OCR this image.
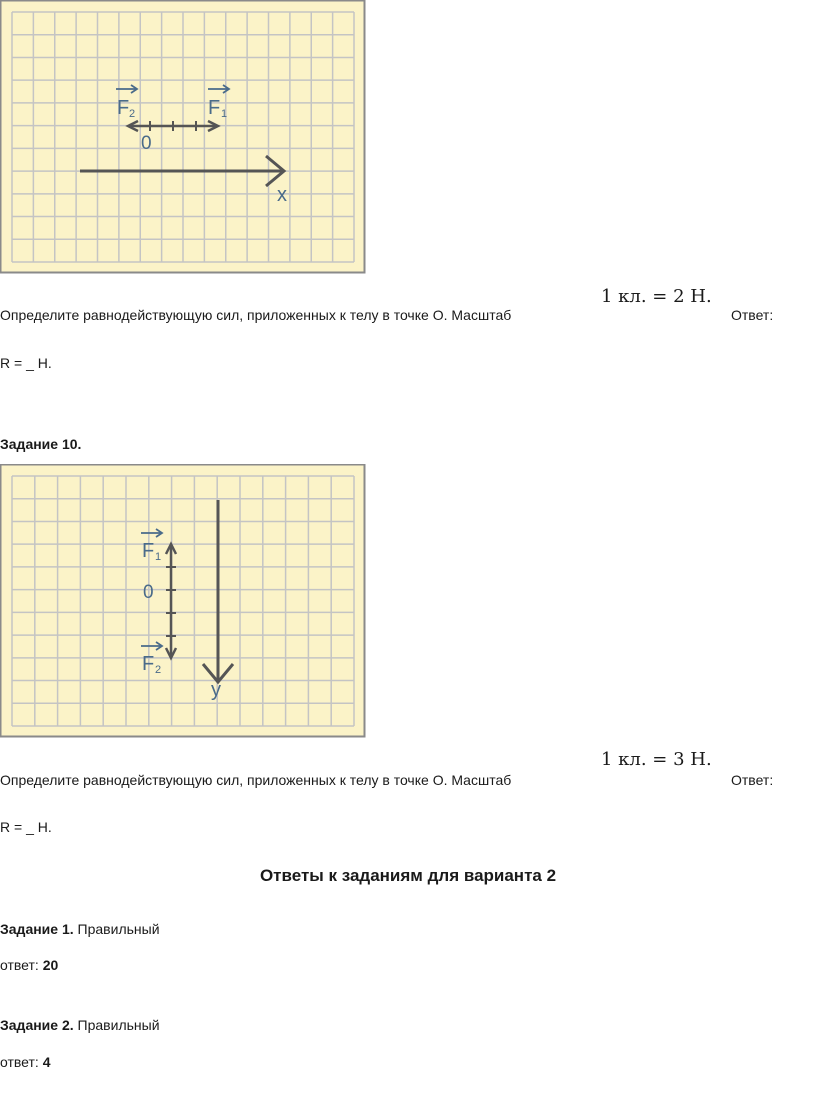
x
0
F 2	F 1
Определите равнодействующую сил, приложенных к телу в точке О. Масштаб
1 кл. = 2 Н.
Ответ:
R = _ Н.
Задание 10.
y
0
F 1
F 2
Определите равнодействующую сил, приложенных к телу в точке О. Масштаб
1 кл. = 3 Н.
Ответ:
R = _ Н.
Ответы к заданиям для варианта 2
Задание 1. Правильный
ответ: 20
Задание 2. Правильный
ответ: 4
